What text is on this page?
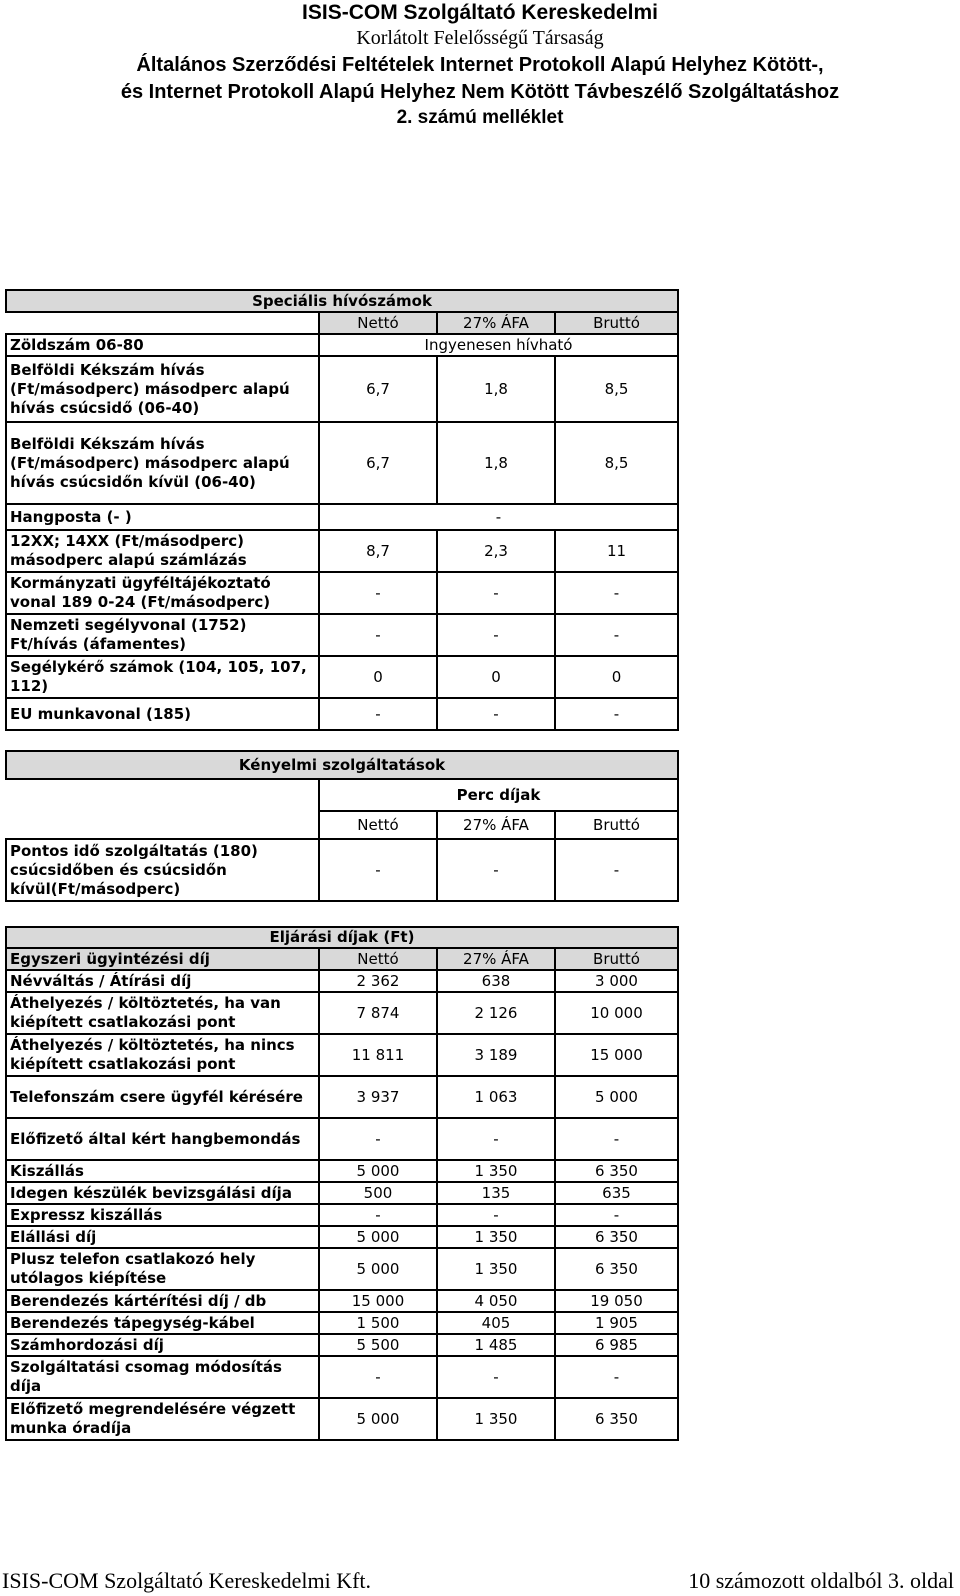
ISIS-COM Szolgáltató Kereskedelmi
Korlátolt Felelősségű Társaság
Általános Szerződési Feltételek Internet Protokoll Alapú Helyhez Kötött-,
és Internet Protokoll Alapú Helyhez Nem Kötött Távbeszélő Szolgáltatáshoz
2. számú melléklet
Speciális hívószámok			
	Nettó	27% ÁFA	Bruttó
Zöldszám 06-80	Ingyenesen hívható		
Belföldi Kékszám hívás (Ft/másodperc) másodperc alapú hívás csúcsidő (06-40)	6,7	1,8	8,5
Belföldi Kékszám hívás (Ft/másodperc) másodperc alapú hívás csúcsidőn kívül (06-40)	6,7	1,8	8,5
Hangposta (- )	-		
12XX; 14XX (Ft/másodperc) másodperc alapú számlázás	8,7	2,3	11
Kormányzati ügyféltájékoztató vonal 189 0-24 (Ft/másodperc)	-	-	-
Nemzeti segélyvonal (1752) Ft/hívás (áfamentes)	-	-	-
Segélykérő számok (104, 105, 107, 112)	0	0	0
EU munkavonal (185)	-	-	-
Kényelmi szolgáltatások			
	Perc díjak		
	Nettó	27% ÁFA	Bruttó
Pontos idő szolgáltatás (180) csúcsidőben és csúcsidőn kívül(Ft/másodperc)	-	-	-
Eljárási díjak (Ft)			
Egyszeri ügyintézési díj	Nettó	27% ÁFA	Bruttó
Névváltás / Átírási díj	2 362	638	3 000
Áthelyezés / költöztetés, ha van kiépített csatlakozási pont	7 874	2 126	10 000
Áthelyezés / költöztetés, ha nincs kiépített csatlakozási pont	11 811	3 189	15 000
Telefonszám csere ügyfél kérésére	3 937	1 063	5 000
Előfizető által kért hangbemondás	-	-	-
Kiszállás	5 000	1 350	6 350
Idegen készülék bevizsgálási díja	500	135	635
Expressz kiszállás	-	-	-
Elállási díj	5 000	1 350	6 350
Plusz telefon csatlakozó hely utólagos kiépítése	5 000	1 350	6 350
Berendezés kártérítési díj / db	15 000	4 050	19 050
Berendezés tápegység-kábel	1 500	405	1 905
Számhordozási díj	5 500	1 485	6 985
Szolgáltatási csomag módosítás díja	-	-	-
Előfizető megrendelésére végzett munka óradíja	5 000	1 350	6 350
ISIS-COM Szolgáltató Kereskedelmi Kft.	10 számozott oldalból 3. oldal
